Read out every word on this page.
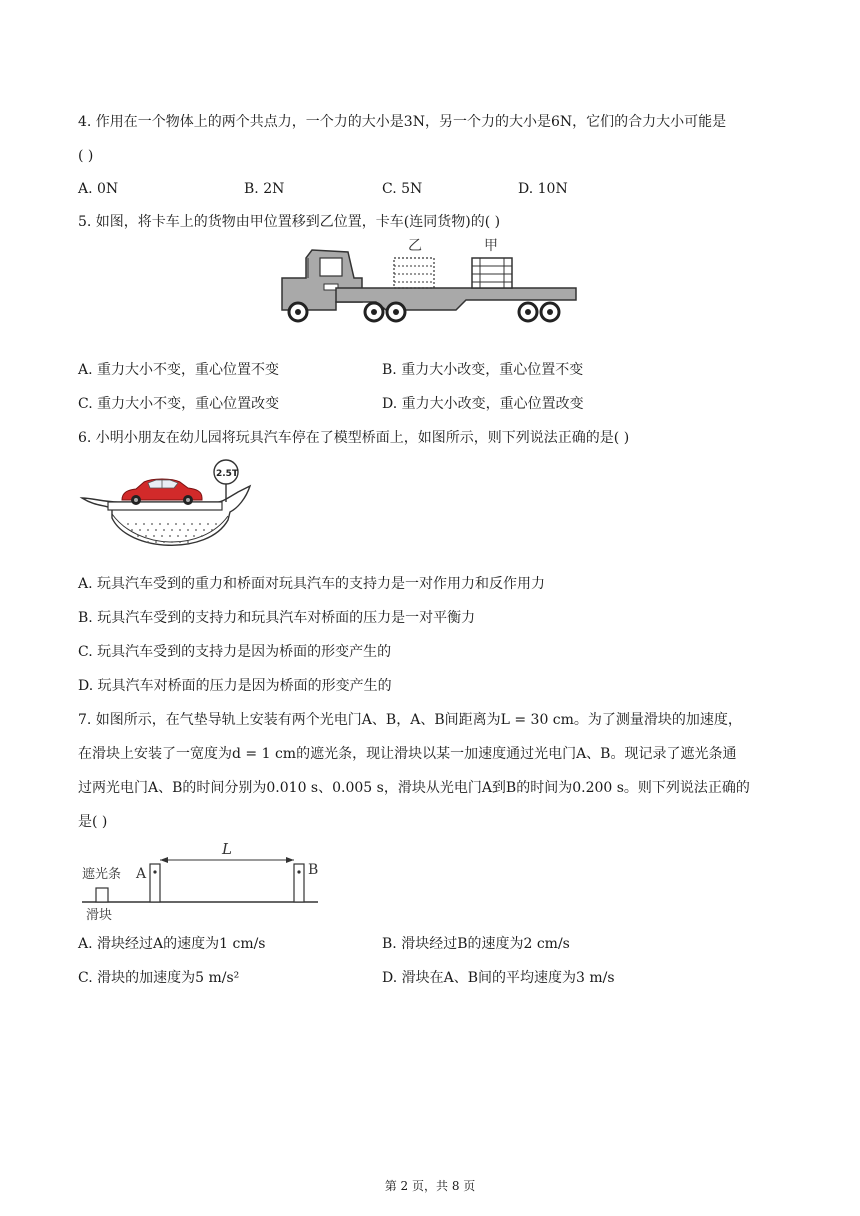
4. 作用在一个物体上的两个共点力，一个力的大小是3N，另一个力的大小是6N，它们的合力大小可能是
( )
A. 0N	B. 2N	C. 5N	D. 10N
5. 如图，将卡车上的货物由甲位置移到乙位置，卡车(连同货物)的( )
乙	甲
A. 重力大小不变，重心位置不变	B. 重力大小改变，重心位置不变
C. 重力大小不变，重心位置改变	D. 重力大小改变，重心位置改变
6. 小明小朋友在幼儿园将玩具汽车停在了模型桥面上，如图所示，则下列说法正确的是( )
2.5T
A. 玩具汽车受到的重力和桥面对玩具汽车的支持力是一对作用力和反作用力
B. 玩具汽车受到的支持力和玩具汽车对桥面的压力是一对平衡力
C. 玩具汽车受到的支持力是因为桥面的形变产生的
D. 玩具汽车对桥面的压力是因为桥面的形变产生的
7. 如图所示，在气垫导轨上安装有两个光电门A、B，A、B间距离为L = 30 cm。为了测量滑块的加速度，
在滑块上安装了一宽度为d = 1 cm的遮光条，现让滑块以某一加速度通过光电门A、B。现记录了遮光条通
过两光电门A、B的时间分别为0.010 s、0.005 s，滑块从光电门A到B的时间为0.200 s。则下列说法正确的
是( )
遮光条
滑块
A	B
L
A. 滑块经过A的速度为1 cm/s	B. 滑块经过B的速度为2 cm/s
C. 滑块的加速度为5 m/s²	D. 滑块在A、B间的平均速度为3 m/s
第 2 页，共 8 页
